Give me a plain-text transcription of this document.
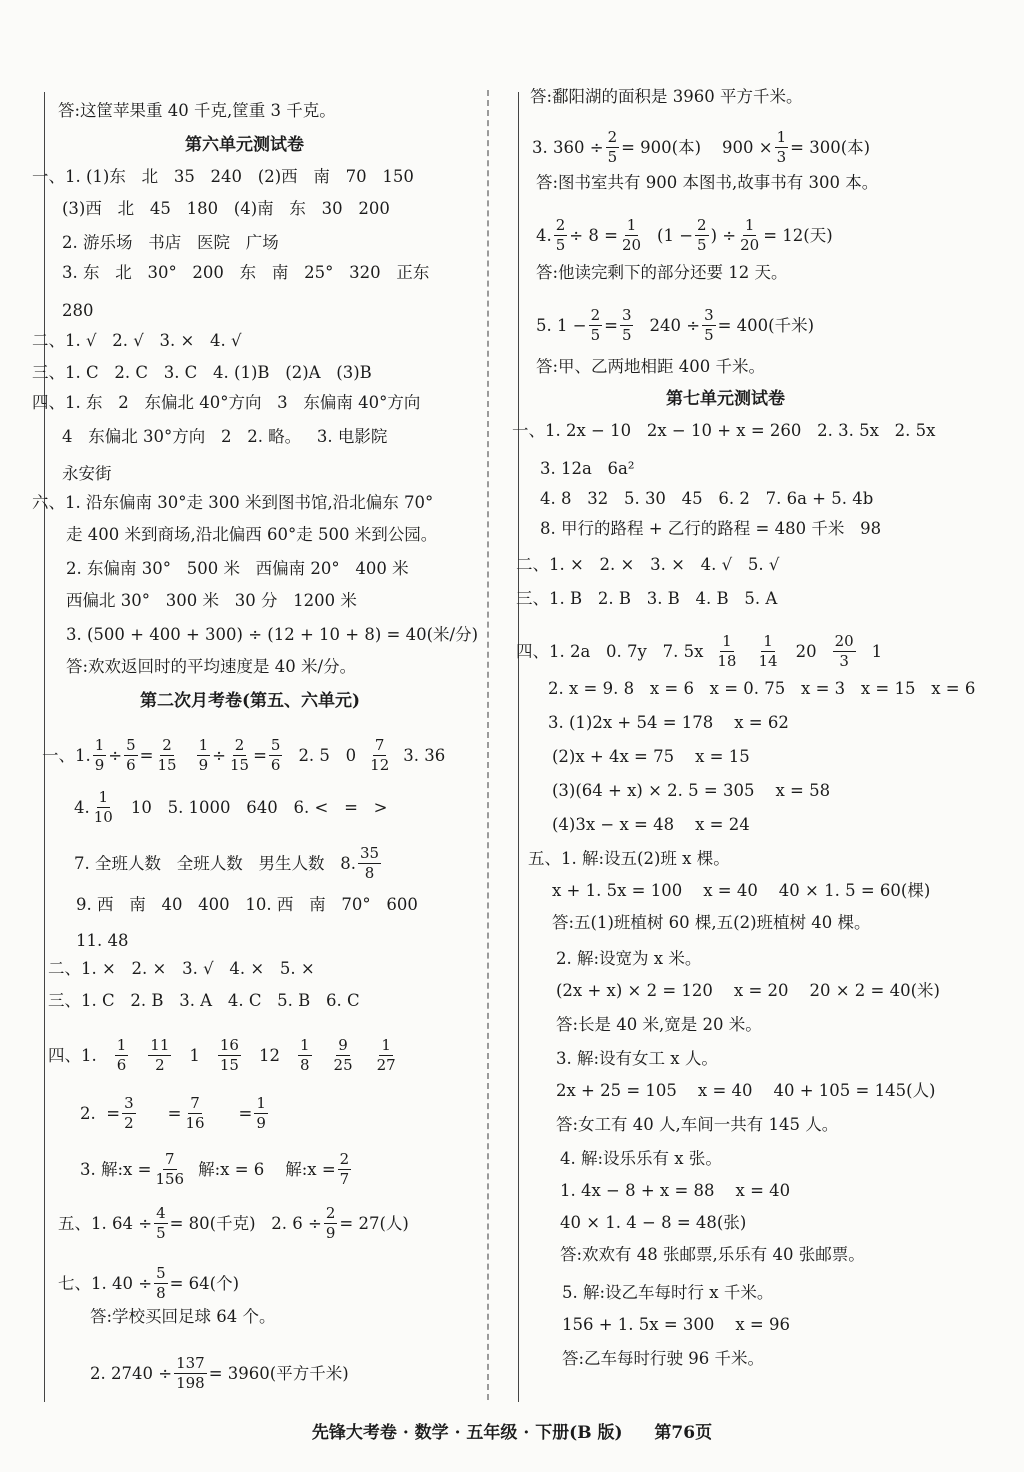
答:这筐苹果重 40 千克,筐重 3 千克。
第六单元测试卷
一、1. (1)东   北   35   240   (2)西   南   70   150
(3)西   北   45   180   (4)南   东   30   200
2. 游乐场   书店   医院   广场
3. 东   北   30°   200   东   南   25°   320   正东
280
二、1. √   2. √   3. ×   4. √
三、1. C   2. C   3. C   4. (1)B   (2)A   (3)B
四、1. 东   2   东偏北 40°方向   3   东偏南 40°方向
4   东偏北 30°方向   2   2. 略。   3. 电影院
永安街
六、1. 沿东偏南 30°走 300 米到图书馆,沿北偏东 70°
走 400 米到商场,沿北偏西 60°走 500 米到公园。
2. 东偏南 30°   500 米   西偏南 20°   400 米
西偏北 30°   300 米   30 分   1200 米
3. (500 + 400 + 300) ÷ (12 + 10 + 8) = 40(米/分)
答:欢欢返回时的平均速度是 40 米/分。
第二次月考卷(第五、六单元)
一、1. $\frac{1}{9} \div \frac{5}{6} = \frac{2}{15} \frac{1}{9} \div \frac{2}{15} = \frac{5}{6} 2$. 5   $0 \frac{7}{12} 3$. 36
4. $\frac{1}{10} 10$   5. 1000   640   6. <   =   >
7. 全班人数   全班人数   男生人数   8. $\frac{35}{8}$
9. 西   南   40   400   10. 西   南   70°   600
11. 48
二、1. ×   2. ×   3. √   4. ×   5. ×
三、1. C   2. B   3. A   4. C   5. B   6. C
四、1. $\frac{1}{6} \frac{11}{2} 1 \frac{16}{15} 12 \frac{1}{8} \frac{9}{25} \frac{1}{27}$
2.  = $\frac{3}{2} = \frac{7}{16} = \frac{1}{9}$
3. 解:x = $\frac{7}{156}$ 解:x = 6    解:x = $\frac{2}{7}$
五、1. $64 \div \frac{4}{5} = 80$(千克)   2. $6 \div \frac{2}{9} = 27$(人)
七、1. $40 \div \frac{5}{8} = 64$(个)
答:学校买回足球 64 个。
2. $2740 \div \frac{137}{198} = 3960$(平方千米)
答:鄱阳湖的面积是 3960 平方千米。
3. $360 \div \frac{2}{5} = 900$(本)    $900 \times \frac{1}{3} = 300$(本)
答:图书室共有 900 本图书,故事书有 300 本。
4. $\frac{2}{5} \div 8 = \frac{1}{20} (1 - \frac{2}{5}$ ) ÷ $\frac{1}{20} = 12$(天)
答:他读完剩下的部分还要 12 天。
5. $1 - \frac{2}{5} = \frac{3}{5} 240 \div \frac{3}{5} = 400$(千米)
答:甲、乙两地相距 400 千米。
第七单元测试卷
一、1. 2x − 10   2x − 10 + x = 260   2. 3. 5x   2. 5x
3. 12a   6a²
4. 8   32   5. 30   45   6. 2   7. 6a + 5. 4b
8. 甲行的路程 + 乙行的路程 = 480 千米   98
二、1. ×   2. ×   3. ×   4. √   5. √
三、1. B   2. B   3. B   4. B   5. A
四、1. 2a   0. 7y   7. $5x \frac{1}{18} \frac{1}{14} 20 \frac{20}{3} 1$
2. x = 9. 8   x = 6   x = 0. 75   x = 3   x = 15   x = 6
3. (1)2x + 54 = 178    x = 62
(2)x + 4x = 75    x = 15
(3)(64 + x) × 2. 5 = 305    x = 58
(4)3x − x = 48    x = 24
五、1. 解:设五(2)班 x 棵。
x + 1. 5x = 100    x = 40    40 × 1. 5 = 60(棵)
答:五(1)班植树 60 棵,五(2)班植树 40 棵。
2. 解:设宽为 x 米。
(2x + x) × 2 = 120    x = 20    20 × 2 = 40(米)
答:长是 40 米,宽是 20 米。
3. 解:设有女工 x 人。
2x + 25 = 105    x = 40    40 + 105 = 145(人)
答:女工有 40 人,车间一共有 145 人。
4. 解:设乐乐有 x 张。
1. 4x − 8 + x = 88    x = 40
40 × 1. 4 − 8 = 48(张)
答:欢欢有 48 张邮票,乐乐有 40 张邮票。
5. 解:设乙车每时行 x 千米。
156 + 1. 5x = 300    x = 96
答:乙车每时行驶 96 千米。
先锋大考卷 · 数学 · 五年级 · 下册(B 版) 第76页
